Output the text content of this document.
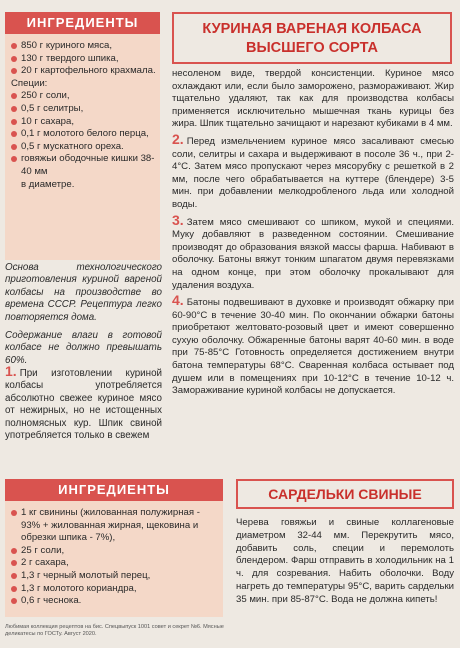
ИНГРЕДИЕНТЫ
850 г куриного мяса,
130 г твердого шпика,
20 г картофельного крахмала.
Специи:
250 г соли,
0,5 г селитры,
10 г сахара,
0,1 г молотого белого перца,
0,5 г мускатного ореха.
говяжьи ободочные кишки 38-40 мм
в диаметре.

Основа технологического приготовления куриной вареной колбасы на производстве во времена СССР. Рецептура легко повторяется дома.

Содержание влаги в готовой колбасе не должно превышать 60%.

1. При изготовлении куриной колбасы употребляется абсолютно свежее куриное мясо от нежирных, но не истощенных полномясных кур. Шпик свиной употребляется только в свежем
КУРИНАЯ ВАРЕНАЯ КОЛБАСА ВЫСШЕГО СОРТА

несоленом виде, твердой консистенции. Куриное мясо охлаждают или, если было заморожено, размораживают. Жир тщательно удаляют, так как для производства колбасы применяется исключительно мышечная ткань курицы без жира. Шпик тщательно зачищают и нарезают кубиками в 4 мм.

2. Перед измельчением куриное мясо засаливают смесью соли, селитры и сахара и выдерживают в посоле 36 ч., при 2-4°С. Затем мясо пропускают через мясорубку с решеткой в 2 мм, после чего обрабатывается на куттере (блендере) 3-5 мин. при добавлении мелкодробленого льда или холодной воды.

3. Затем мясо смешивают со шпиком, мукой и специями. Муку добавляют в разведенном состоянии. Смешивание производят до образования вязкой массы фарша. Набивают в оболочку. Батоны вяжут тонким шпагатом двумя перевязками на одном конце, при этом оболочку прокалывают для удаления воздуха.

4. Батоны подвешивают в духовке и производят обжарку при 60-90°С в течение 30-40 мин. По окончании обжарки батоны приобретают желтовато-розовый цвет и имеют совершенно сухую оболочку. Обжаренные батоны варят 40-60 мин. в воде при 75-85°С Готовность определяется достижением внутри батона температуры 68°С. Сваренная колбаса остывает под душем или в помещениях при 10-12°С в течение 10-12 ч. Замораживание куриной колбасы не допускается.

ИНГРЕДИЕНТЫ
1 кг свинины (жилованная полужирная - 93% + жилованная жирная, щековина и обрезки шпика - 7%),
25 г соли,
2 г сахара,
1,3 г черный молотый перец,
1,3 г молотого кориандра,
0,6 г чеснока.
Любимая коллекция рецептов на бис. Спецвыпуск 1001 совет и секрет №6. Мясные деликатесы по ГОСТу. Август 2020.
САРДЕЛЬКИ СВИНЫЕ
Черева говяжьи и свиные коллагеновые диаметром 32-44 мм. Перекрутить мясо, добавить соль, специи и перемолоть блендером. Фарш отправить в холодильник на 1 ч. для созревания. Набить оболочки. Воду нагреть до температуры 95°С, варить сардельки 35 мин. при 85-87°С. Вода не должна кипеть!
